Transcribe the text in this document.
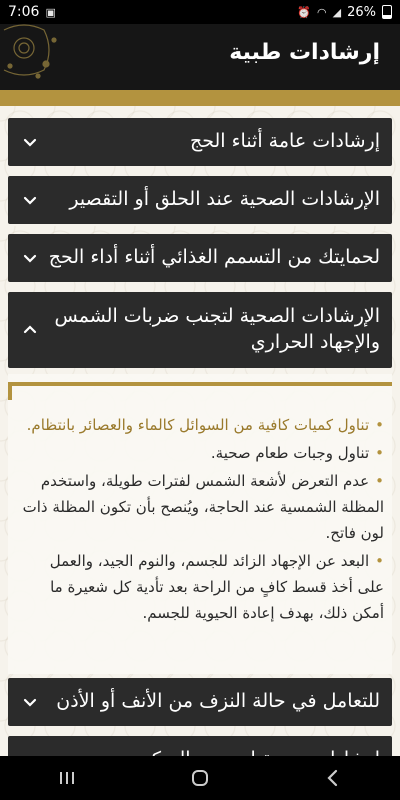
7:06 ▣	⏰ ◠ ◢ 26%
إرشادات طبية
إرشادات عامة أثناء الحج
الإرشادات الصحية عند الحلق أو التقصير
لحمايتك من التسمم الغذائي أثناء أداء الحج
الإرشادات الصحية لتجنب ضربات الشمس والإجهاد الحراري
•تناول كميات كافية من السوائل كالماء والعصائر بانتظام.
•تناول وجبات طعام صحية.
•عدم التعرض لأشعة الشمس لفترات طويلة، واستخدم المظلة الشمسية عند الحاجة، ويُنصح بأن تكون المظلة ذات لون فاتح.
•البعد عن الإجهاد الزائد للجسم، والنوم الجيد، والعمل على أخذ قسط كافٍ من الراحة بعد تأدية كل شعيرة ما أمكن ذلك، بهدف إعادة الحيوية للجسم.
للتعامل في حالة النزف من الأنف أو الأذن
